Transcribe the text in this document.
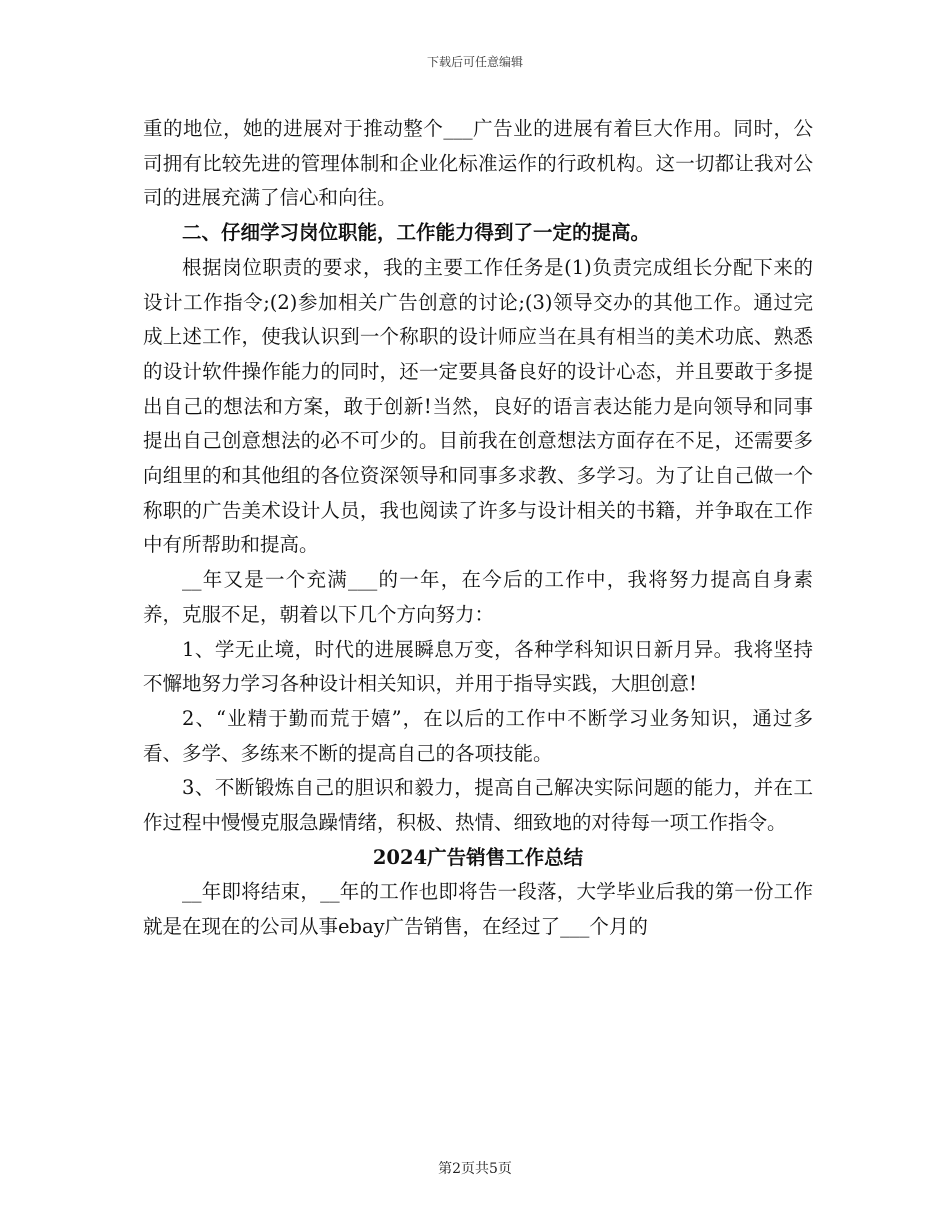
下载后可任意编辑

重的地位，她的进展对于推动整个___广告业的进展有着巨大作用。同时，公司拥有比较先进的管理体制和企业化标准运作的行政机构。这一切都让我对公司的进展充满了信心和向往。

二、仔细学习岗位职能，工作能力得到了一定的提高。

根据岗位职责的要求，我的主要工作任务是(1)负责完成组长分配下来的设计工作指令;(2)参加相关广告创意的讨论;(3)领导交办的其他工作。通过完成上述工作，使我认识到一个称职的设计师应当在具有相当的美术功底、熟悉的设计软件操作能力的同时，还一定要具备良好的设计心态，并且要敢于多提出自己的想法和方案，敢于创新!当然，良好的语言表达能力是向领导和同事提出自己创意想法的必不可少的。目前我在创意想法方面存在不足，还需要多向组里的和其他组的各位资深领导和同事多求教、多学习。为了让自己做一个称职的广告美术设计人员，我也阅读了许多与设计相关的书籍，并争取在工作中有所帮助和提高。

__年又是一个充满___的一年，在今后的工作中，我将努力提高自身素养，克服不足，朝着以下几个方向努力：

1、学无止境，时代的进展瞬息万变，各种学科知识日新月异。我将坚持不懈地努力学习各种设计相关知识，并用于指导实践，大胆创意!

2、“业精于勤而荒于嬉”，在以后的工作中不断学习业务知识，通过多看、多学、多练来不断的提高自己的各项技能。

3、不断锻炼自己的胆识和毅力，提高自己解决实际问题的能力，并在工作过程中慢慢克服急躁情绪，积极、热情、细致地的对待每一项工作指令。

2024广告销售工作总结

__年即将结束，__年的工作也即将告一段落，大学毕业后我的第一份工作就是在现在的公司从事ebay广告销售，在经过了___个月的

第2页共5页
